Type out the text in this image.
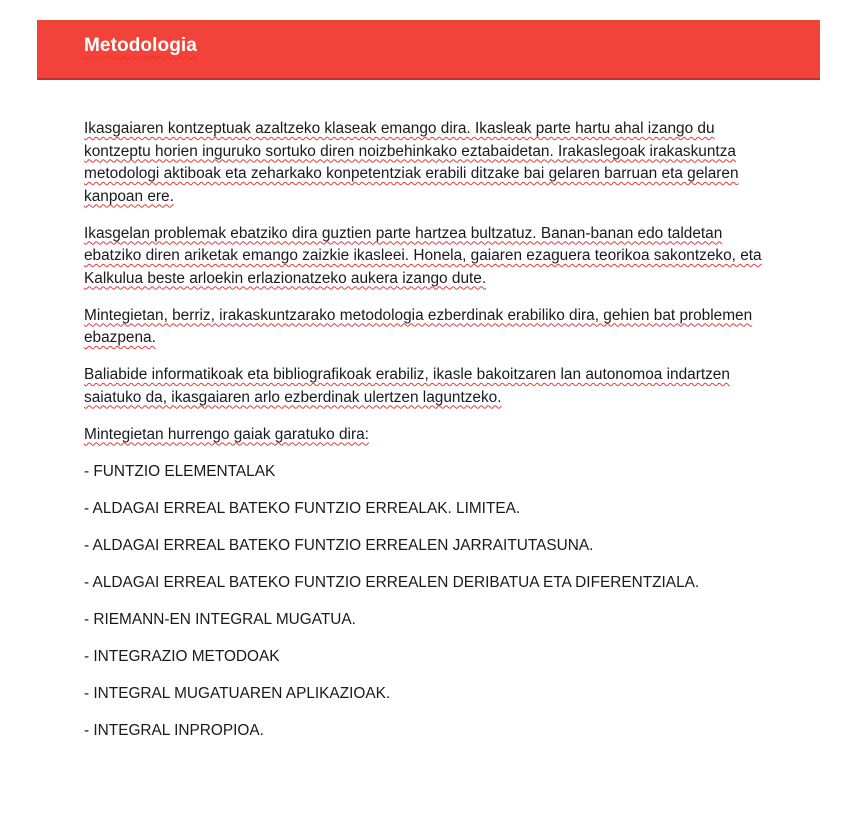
Metodologia

Ikasgaiaren kontzeptuak azaltzeko klaseak emango dira. Ikasleak parte hartu ahal izango du kontzeptu horien inguruko sortuko diren noizbehinkako eztabaidetan. Irakaslegoak irakaskuntza metodologi aktiboak eta zeharkako konpetentziak erabili ditzake bai gelaren barruan eta gelaren kanpoan ere.

Ikasgelan problemak ebatziko dira guztien parte hartzea bultzatuz. Banan-banan edo taldetan ebatziko diren ariketak emango zaizkie ikasleei. Honela, gaiaren ezaguera teorikoa sakontzeko, eta Kalkulua beste arloekin erlazionatzeko aukera izango dute.

Mintegietan, berriz, irakaskuntzarako metodologia ezberdinak erabiliko dira, gehien bat problemen ebazpena.

Baliabide informatikoak eta bibliografikoak erabiliz, ikasle bakoitzaren lan autonomoa indartzen saiatuko da, ikasgaiaren arlo ezberdinak ulertzen laguntzeko.

Mintegietan hurrengo gaiak garatuko dira:

- FUNTZIO ELEMENTALAK
- ALDAGAI ERREAL BATEKO FUNTZIO ERREALAK. LIMITEA.
- ALDAGAI ERREAL BATEKO FUNTZIO ERREALEN JARRAITUTASUNA.
- ALDAGAI ERREAL BATEKO FUNTZIO ERREALEN DERIBATUA ETA DIFERENTZIALA.
- RIEMANN-EN INTEGRAL MUGATUA.
- INTEGRAZIO METODOAK
- INTEGRAL MUGATUAREN APLIKAZIOAK.
- INTEGRAL INPROPIOA.
